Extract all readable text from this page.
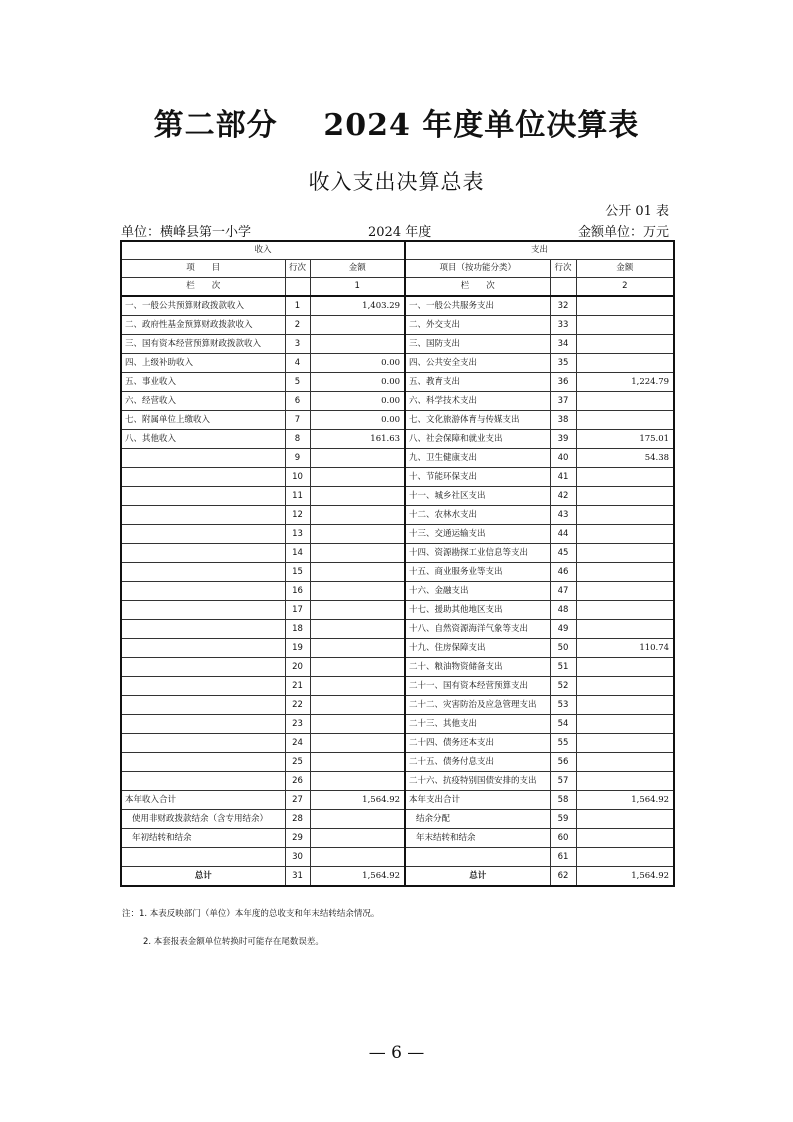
第二部分    2024 年度单位决算表
收入支出决算总表
公开 01 表
单位：横峰县第一小学	2024 年度	金额单位：万元
收入			支出		
项　　目	行次	金额	项目（按功能分类）	行次	金额
栏　　次		1	栏　　次		2
一、一般公共预算财政拨款收入	1	1,403.29	一、一般公共服务支出	32	
二、政府性基金预算财政拨款收入	2		二、外交支出	33	
三、国有资本经营预算财政拨款收入	3		三、国防支出	34	
四、上级补助收入	4	0.00	四、公共安全支出	35	
五、事业收入	5	0.00	五、教育支出	36	1,224.79
六、经营收入	6	0.00	六、科学技术支出	37	
七、附属单位上缴收入	7	0.00	七、文化旅游体育与传媒支出	38	
八、其他收入	8	161.63	八、社会保障和就业支出	39	175.01
	9		九、卫生健康支出	40	54.38
	10		十、节能环保支出	41	
	11		十一、城乡社区支出	42	
	12		十二、农林水支出	43	
	13		十三、交通运输支出	44	
	14		十四、资源勘探工业信息等支出	45	
	15		十五、商业服务业等支出	46	
	16		十六、金融支出	47	
	17		十七、援助其他地区支出	48	
	18		十八、自然资源海洋气象等支出	49	
	19		十九、住房保障支出	50	110.74
	20		二十、粮油物资储备支出	51	
	21		二十一、国有资本经营预算支出	52	
	22		二十二、灾害防治及应急管理支出	53	
	23		二十三、其他支出	54	
	24		二十四、债务还本支出	55	
	25		二十五、债务付息支出	56	
	26		二十六、抗疫特别国债安排的支出	57	
本年收入合计	27	1,564.92	本年支出合计	58	1,564.92
使用非财政拨款结余（含专用结余）	28		结余分配	59	
年初结转和结余	29		年末结转和结余	60	
	30			61	
总计	31	1,564.92	总计	62	1,564.92
注：1. 本表反映部门（单位）本年度的总收支和年末结转结余情况。
2. 本套报表金额单位转换时可能存在尾数误差。
— 6 —
